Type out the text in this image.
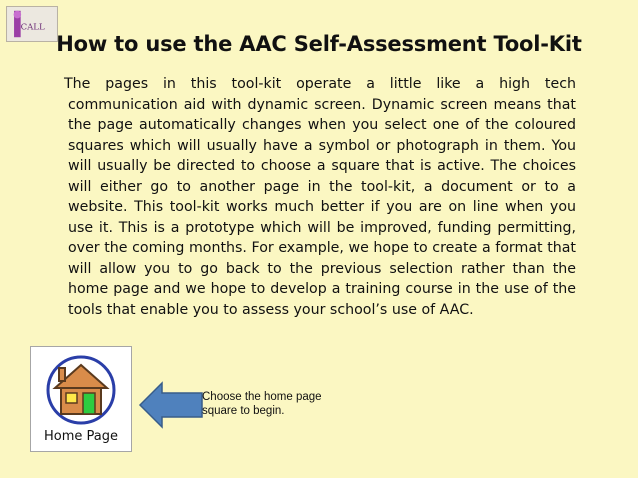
CALL
How to use the AAC Self-Assessment Tool-Kit
The pages in this tool-kit operate a little like a high tech communication aid with dynamic screen. Dynamic screen means that the page automatically changes when you select one of the coloured squares which will usually have a symbol or photograph in them. You will usually be directed to choose a square that is active. The choices will either go to another page in the tool-kit, a document or to a website. This tool-kit works much better if you are on line when you use it. This is a prototype which will be improved, funding permitting, over the coming months. For example, we hope to create a format that will allow you to go back to the previous selection rather than the home page and we hope to develop a training course in the use of the tools that enable you to assess your school’s use of AAC.
Home Page
Choose the home page square to begin.
